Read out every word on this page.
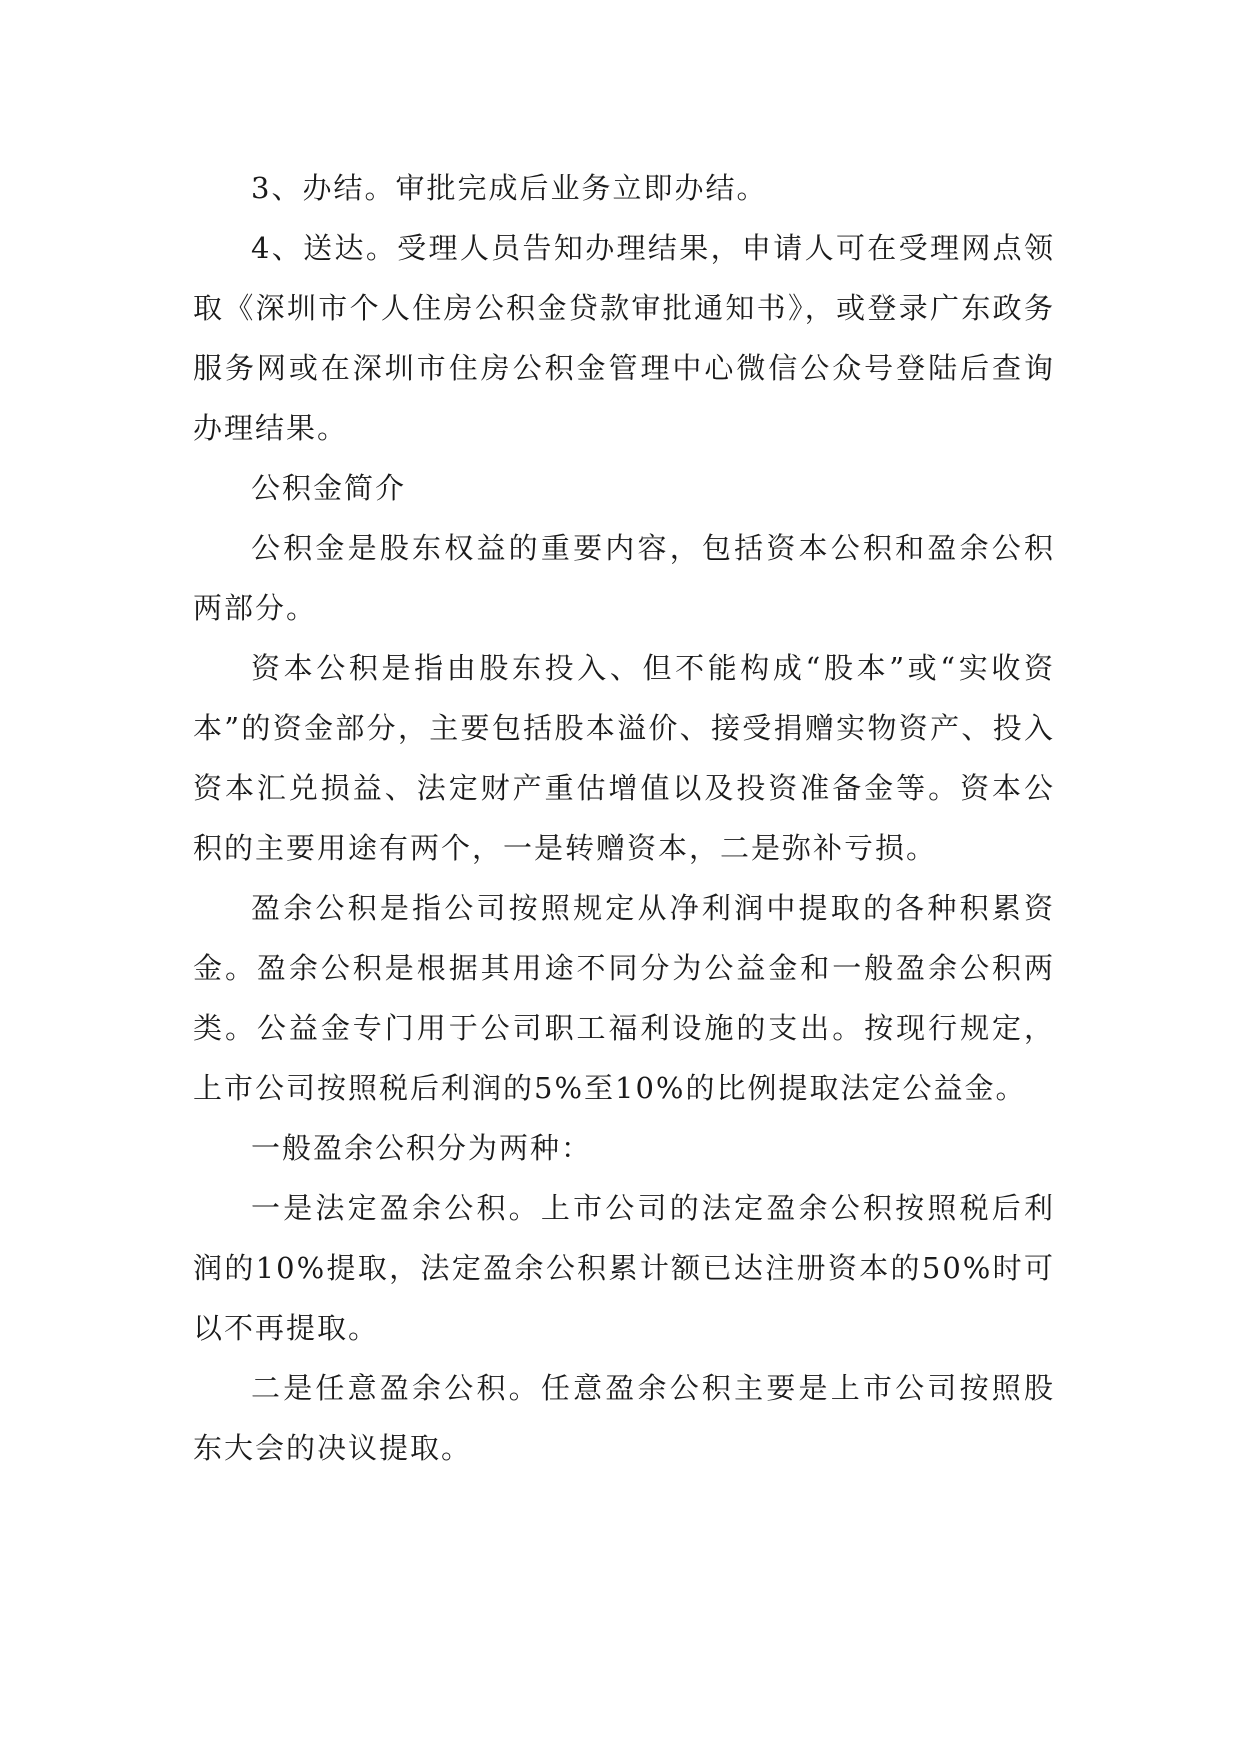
3、办结。审批完成后业务立即办结。

4、送达。受理人员告知办理结果，申请人可在受理网点领取《深圳市个人住房公积金贷款审批通知书》，或登录广东政务服务网或在深圳市住房公积金管理中心微信公众号登陆后查询办理结果。

公积金简介

公积金是股东权益的重要内容，包括资本公积和盈余公积两部分。

资本公积是指由股东投入、但不能构成“股本”或“实收资本”的资金部分，主要包括股本溢价、接受捐赠实物资产、投入资本汇兑损益、法定财产重估增值以及投资准备金等。资本公积的主要用途有两个，一是转赠资本，二是弥补亏损。

盈余公积是指公司按照规定从净利润中提取的各种积累资金。盈余公积是根据其用途不同分为公益金和一般盈余公积两类。公益金专门用于公司职工福利设施的支出。按现行规定，上市公司按照税后利润的5%至10%的比例提取法定公益金。

一般盈余公积分为两种：

一是法定盈余公积。上市公司的法定盈余公积按照税后利润的10%提取，法定盈余公积累计额已达注册资本的50%时可以不再提取。

二是任意盈余公积。任意盈余公积主要是上市公司按照股东大会的决议提取。
